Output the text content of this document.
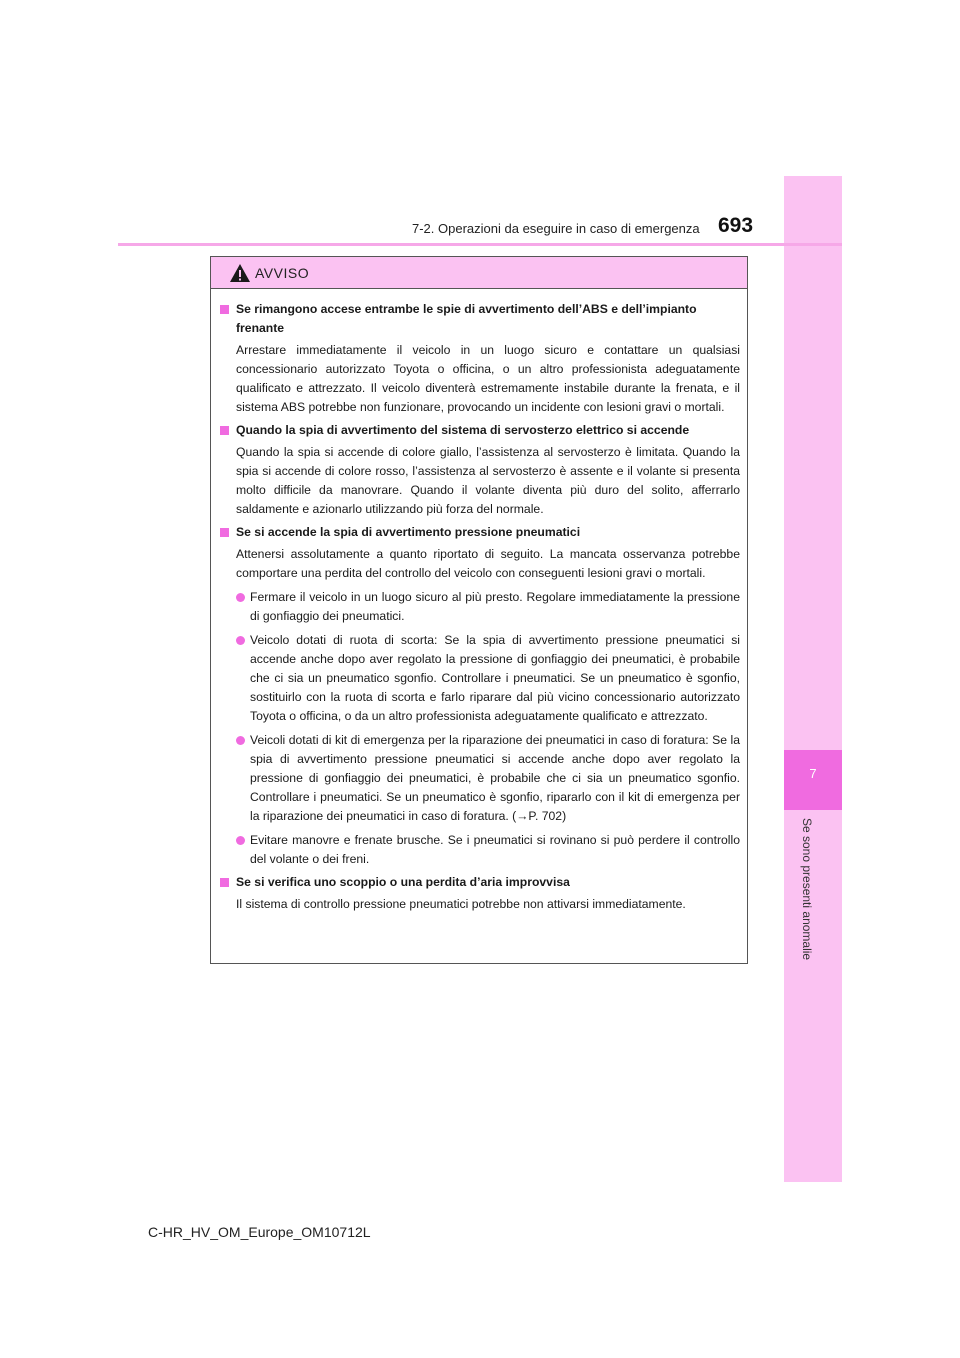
7
Se sono presenti anomalie
7-2. Operazioni da eseguire in caso di emergenza 693
AVVISO
Se rimangono accese entrambe le spie di avvertimento dell’ABS e dell’impianto frenante
Arrestare immediatamente il veicolo in un luogo sicuro e contattare un qualsiasi concessionario autorizzato Toyota o officina, o un altro professionista adeguatamente qualificato e attrezzato. Il veicolo diventerà estremamente instabile durante la frenata, e il sistema ABS potrebbe non funzionare, provocando un incidente con lesioni gravi o mortali.
Quando la spia di avvertimento del sistema di servosterzo elettrico si accende
Quando la spia si accende di colore giallo, l’assistenza al servosterzo è limitata. Quando la spia si accende di colore rosso, l’assistenza al servosterzo è assente e il volante si presenta molto difficile da manovrare. Quando il volante diventa più duro del solito, afferrarlo saldamente e azionarlo utilizzando più forza del normale.
Se si accende la spia di avvertimento pressione pneumatici
Attenersi assolutamente a quanto riportato di seguito. La mancata osservanza potrebbe comportare una perdita del controllo del veicolo con conseguenti lesioni gravi o mortali.
Fermare il veicolo in un luogo sicuro al più presto. Regolare immediatamente la pressione di gonfiaggio dei pneumatici.
Veicolo dotati di ruota di scorta: Se la spia di avvertimento pressione pneumatici si accende anche dopo aver regolato la pressione di gonfiaggio dei pneumatici, è probabile che ci sia un pneumatico sgonfio. Controllare i pneumatici. Se un pneumatico è sgonfio, sostituirlo con la ruota di scorta e farlo riparare dal più vicino concessionario autorizzato Toyota o officina, o da un altro professionista adeguatamente qualificato e attrezzato.
Veicoli dotati di kit di emergenza per la riparazione dei pneumatici in caso di foratura: Se la spia di avvertimento pressione pneumatici si accende anche dopo aver regolato la pressione di gonfiaggio dei pneumatici, è probabile che ci sia un pneumatico sgonfio. Controllare i pneumatici. Se un pneumatico è sgonfio, ripararlo con il kit di emergenza per la riparazione dei pneumatici in caso di foratura. (→P. 702)
Evitare manovre e frenate brusche. Se i pneumatici si rovinano si può perdere il controllo del volante o dei freni.
Se si verifica uno scoppio o una perdita d’aria improvvisa
Il sistema di controllo pressione pneumatici potrebbe non attivarsi immediatamente.
C-HR_HV_OM_Europe_OM10712L
